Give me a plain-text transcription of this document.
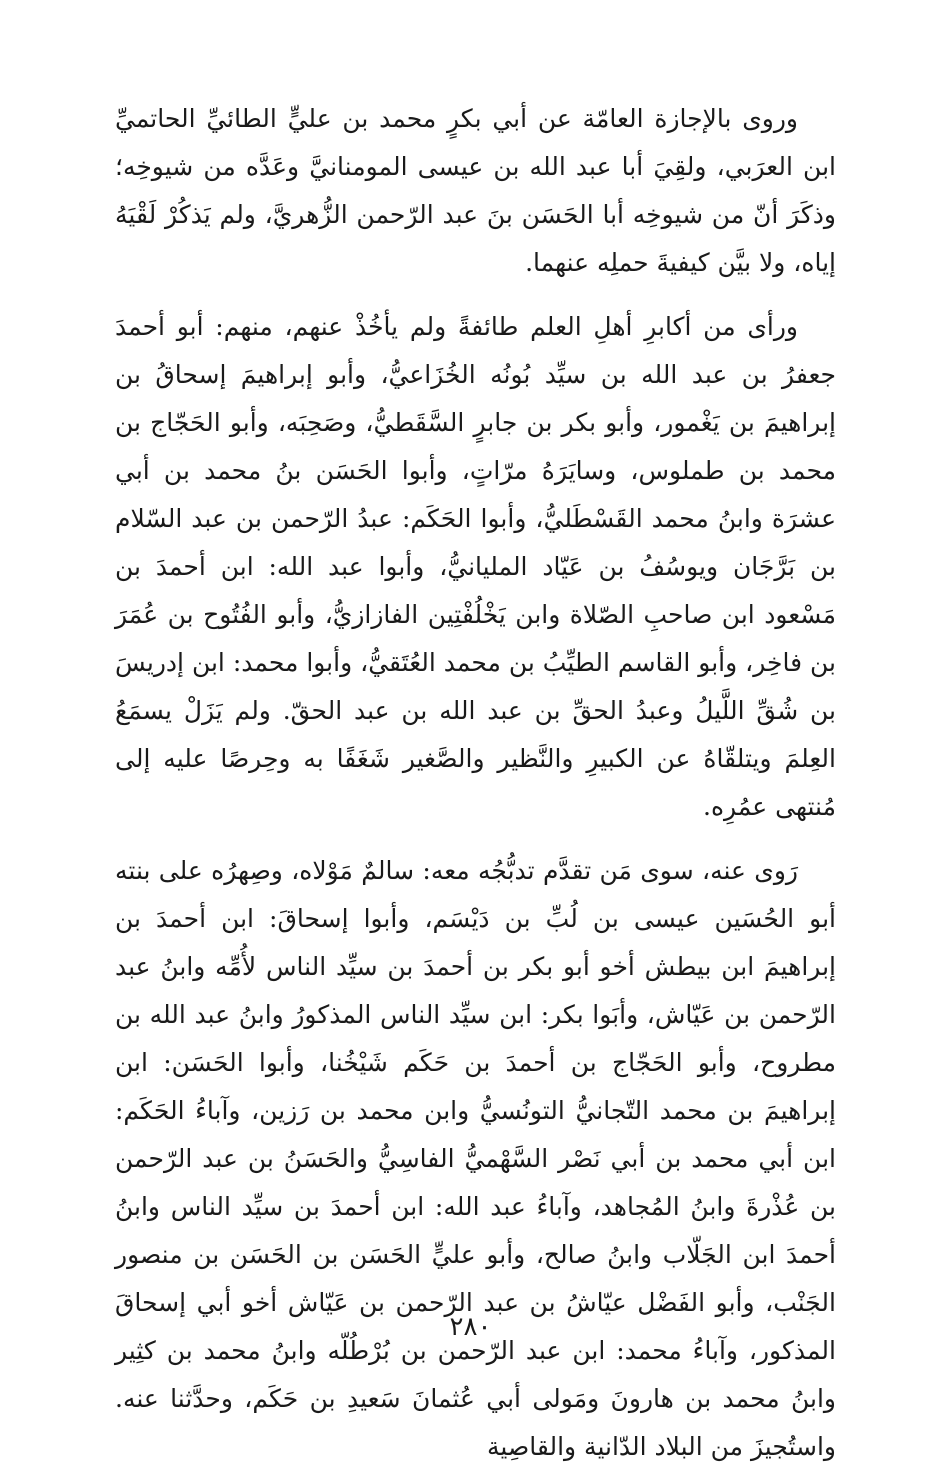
وروى بالإجازة العامّة عن أبي بكرٍ محمد بن عليٍّ الطائيِّ الحاتميِّ ابن العرَبي، ولقِيَ أبا عبد الله بن عيسى المومنانيَّ وعَدَّه من شيوخِه؛ وذكَرَ أنّ من شيوخِه أبا الحَسَن بنَ عبد الرّحمن الزُّهريَّ، ولم يَذكُرْ لَقْيَهُ إياه، ولا بيَّن كيفيةَ حملِه عنهما.

ورأى من أكابرِ أهلِ العلم طائفةً ولم يأخُذْ عنهم، منهم: أبو أحمدَ جعفرُ بن عبد الله بن سيِّد بُونُه الخُزَاعيُّ، وأبو إبراهيمَ إسحاقُ بن إبراهيمَ بن يَغْمور، وأبو بكر بن جابرٍ السَّقَطيُّ، وصَحِبَه، وأبو الحَجّاج بن محمد بن طملوس، وسايَرَهُ مرّاتٍ، وأبوا الحَسَن بنُ محمد بن أبي عشرَة وابنُ محمد القَسْطَليُّ، وأبوا الحَكَم: عبدُ الرّحمن بن عبد السّلام بن بَرَّجَان ويوسُفُ بن عَيّاد المليانيُّ، وأبوا عبد الله: ابن أحمدَ بن مَسْعود ابن صاحبِ الصّلاة وابن يَخْلُفْتِين الفازازيُّ، وأبو الفُتُوح بن عُمَرَ بن فاخِر، وأبو القاسم الطيِّبُ بن محمد العُتَقيُّ، وأبوا محمد: ابن إدريسَ بن شُقِّ اللَّيلُ وعبدُ الحقِّ بن عبد الله بن عبد الحقّ. ولم يَزَلْ يسمَعُ العِلمَ ويتلقّاهُ عن الكبيرِ والنَّظير والصَّغير شَغَفًا به وحِرصًا عليه إلى مُنتهى عمُرِه.

رَوى عنه، سوى مَن تقدَّم تدبُّجُه معه: سالمٌ مَوْلاه، وصِهرُه على بنته أبو الحُسَين عيسى بن لُبِّ بن دَيْسَم، وأبوا إسحاقَ: ابن أحمدَ بن إبراهيمَ ابن بيطش أخو أبو بكر بن أحمدَ بن سيِّد الناس لأُمِّه وابنُ عبد الرّحمن بن عَيّاش، وأبَوا بكر: ابن سيِّد الناس المذكورُ وابنُ عبد الله بن مطروح، وأبو الحَجّاج بن أحمدَ بن حَكَم شَيْخُنا، وأبوا الحَسَن: ابن إبراهيمَ بن محمد التّجانيُّ التونُسيُّ وابن محمد بن رَزين، وآباءُ الحَكَم: ابن أبي محمد بن أبي نَصْر السَّهْميُّ الفاسِيُّ والحَسَنُ بن عبد الرّحمن بن عُذْرةَ وابنُ المُجاهد، وآباءُ عبد الله: ابن أحمدَ بن سيِّد الناس وابنُ أحمدَ ابن الجَلّاب وابنُ صالح، وأبو عليٍّ الحَسَن بن الحَسَن بن منصور الجَنْب، وأبو الفَضْل عيّاشُ بن عبد الرّحمن بن عَيّاش أخو أبي إسحاقَ المذكور، وآباءُ محمد: ابن عبد الرّحمن بن بُرْطُلّه وابنُ محمد بن كثِير وابنُ محمد بن هارونَ ومَولى أبي عُثمانَ سَعيدِ بن حَكَم، وحدَّثنا عنه. واستُجيزَ من البلاد الدّانية والقاصِية

٢٨٠
